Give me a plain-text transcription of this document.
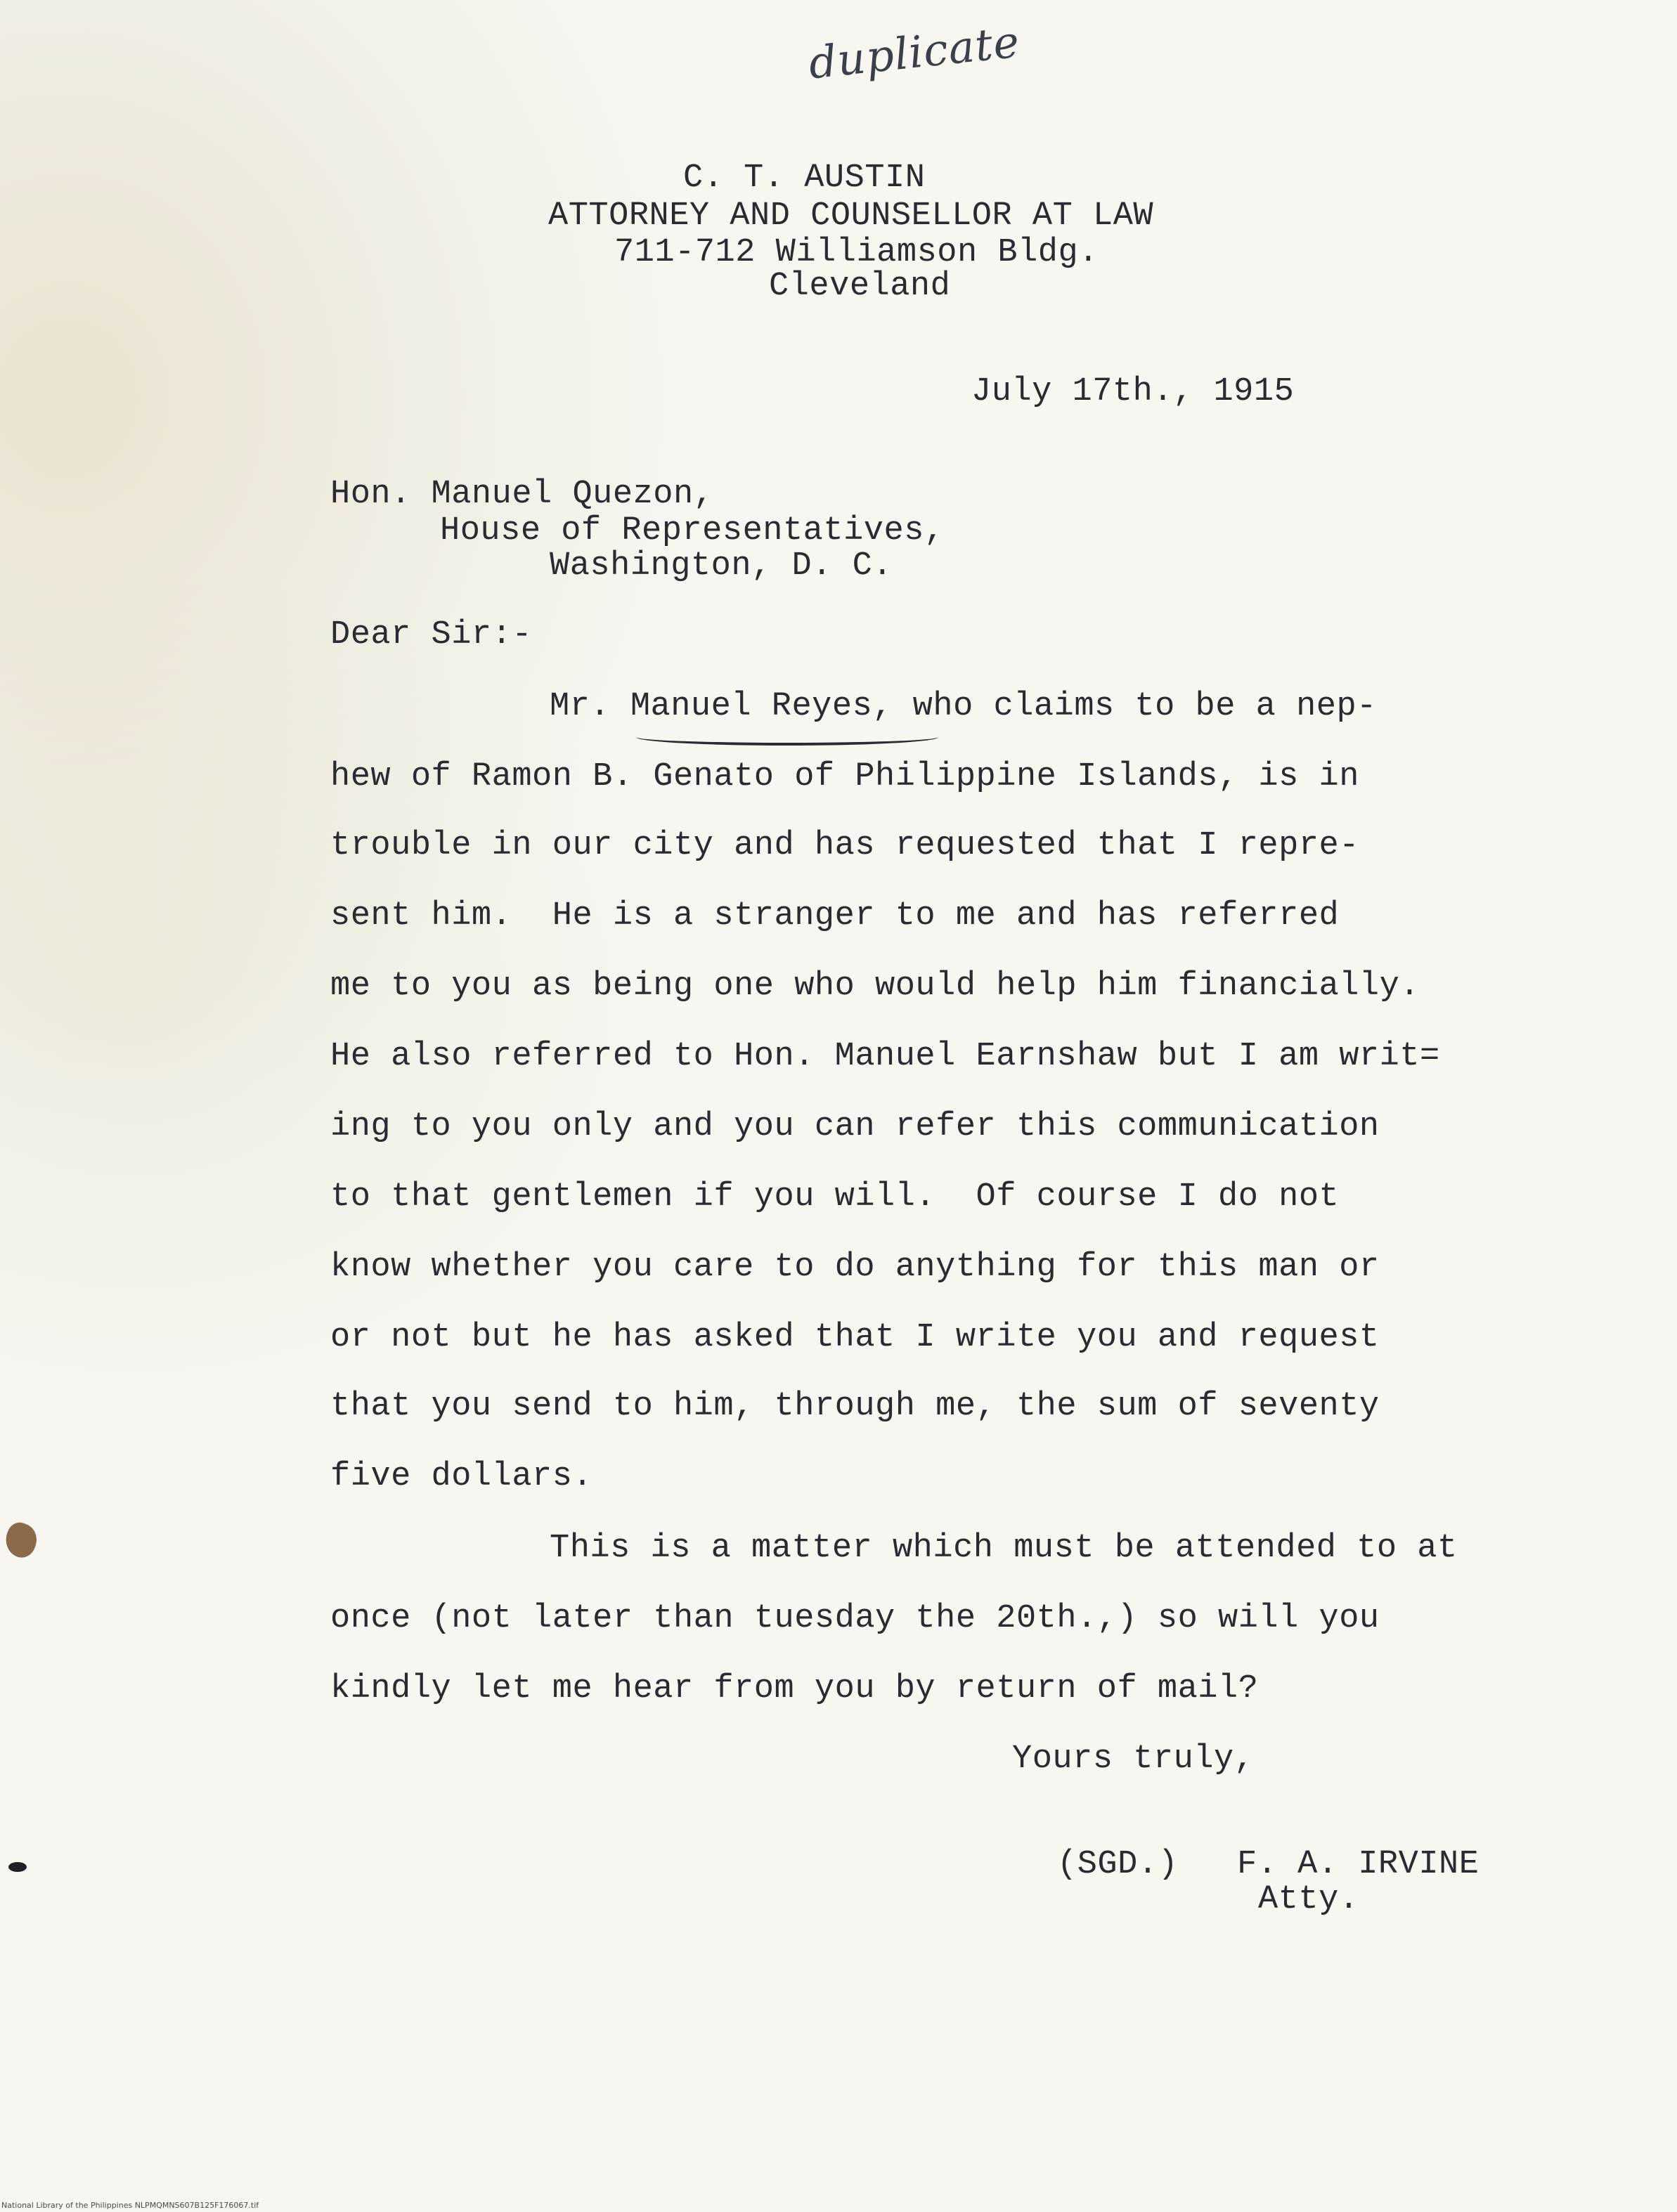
duplicate
C. T. AUSTIN
ATTORNEY AND COUNSELLOR AT LAW
711-712 Williamson Bldg.
Cleveland
July 17th., 1915
Hon. Manuel Quezon,
House of Representatives,
Washington, D. C.
Dear Sir:-
Mr. Manuel Reyes, who claims to be a nep-
hew of Ramon B. Genato of Philippine Islands, is in
trouble in our city and has requested that I repre-
sent him.  He is a stranger to me and has referred
me to you as being one who would help him financially.
He also referred to Hon. Manuel Earnshaw but I am writ=
ing to you only and you can refer this communication
to that gentlemen if you will.  Of course I do not
know whether you care to do anything for this man or
or not but he has asked that I write you and request
that you send to him, through me, the sum of seventy
five dollars.
This is a matter which must be attended to at
once (not later than tuesday the 20th.,) so will you
kindly let me hear from you by return of mail?
Yours truly,
(SGD.) F. A. IRVINE
Atty.
National Library of the Philippines NLPMQMNS607B125F176067.tif
